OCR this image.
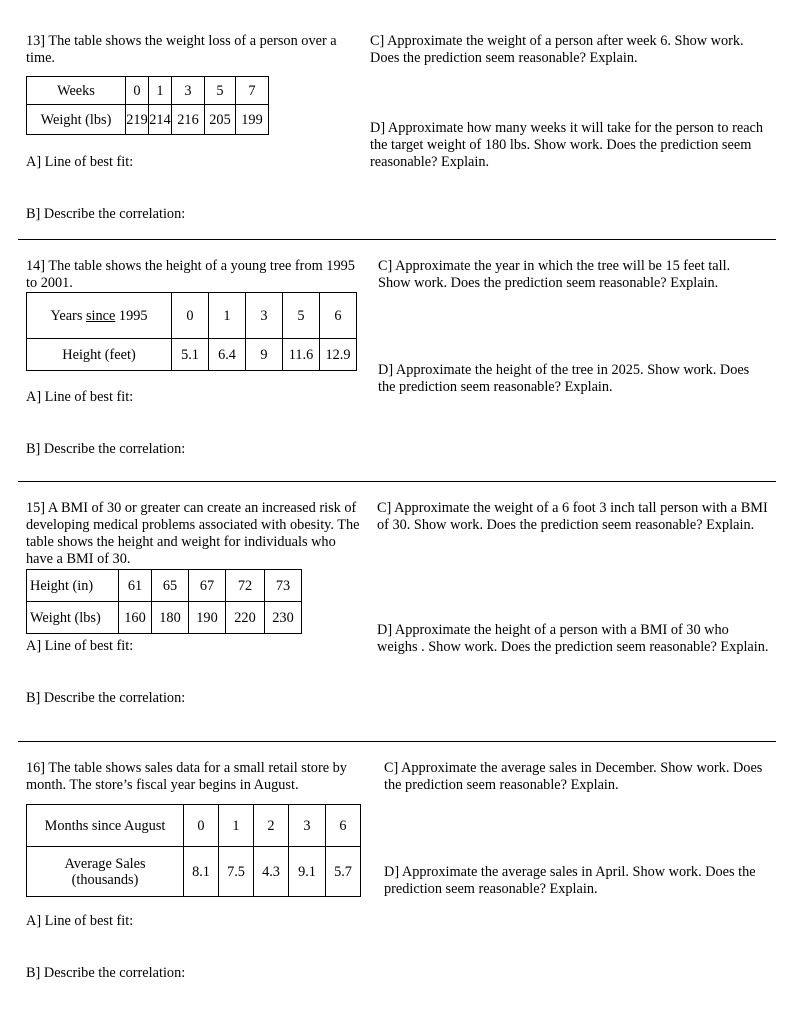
13] The table shows the weight loss of a person over a time.
Weeks	0	1	3	5	7
Weight (lbs)	219	214	216	205	199
A] Line of best fit:
B] Describe the correlation:
C] Approximate the weight of a person after week 6. Show work. Does the prediction seem reasonable? Explain.
D] Approximate how many weeks it will take for the person to reach the target weight of 180 lbs. Show work. Does the prediction seem reasonable? Explain.
14] The table shows the height of a young tree from 1995 to 2001.
Years since 1995	0	1	3	5	6
Height (feet)	5.1	6.4	9	11.6	12.9
A] Line of best fit:
B] Describe the correlation:
C] Approximate the year in which the tree will be 15 feet tall. Show work. Does the prediction seem reasonable? Explain.
D] Approximate the height of the tree in 2025. Show work. Does the prediction seem reasonable? Explain.
15] A BMI of 30 or greater can create an increased risk of developing medical problems associated with obesity. The table shows the height and weight for individuals who have a BMI of 30.
Height (in)	61	65	67	72	73
Weight (lbs)	160	180	190	220	230
A] Line of best fit:
B] Describe the correlation:
C] Approximate the weight of a 6 foot 3 inch tall person with a BMI of 30. Show work. Does the prediction seem reasonable? Explain.
D] Approximate the height of a person with a BMI of 30 who weighs . Show work. Does the prediction seem reasonable? Explain.
16] The table shows sales data for a small retail store by month. The store’s fiscal year begins in August.
Months since August	0	1	2	3	6
Average Sales (thousands)	8.1	7.5	4.3	9.1	5.7
A] Line of best fit:
B] Describe the correlation:
C] Approximate the average sales in December. Show work. Does the prediction seem reasonable? Explain.
D] Approximate the average sales in April. Show work. Does the prediction seem reasonable? Explain.
